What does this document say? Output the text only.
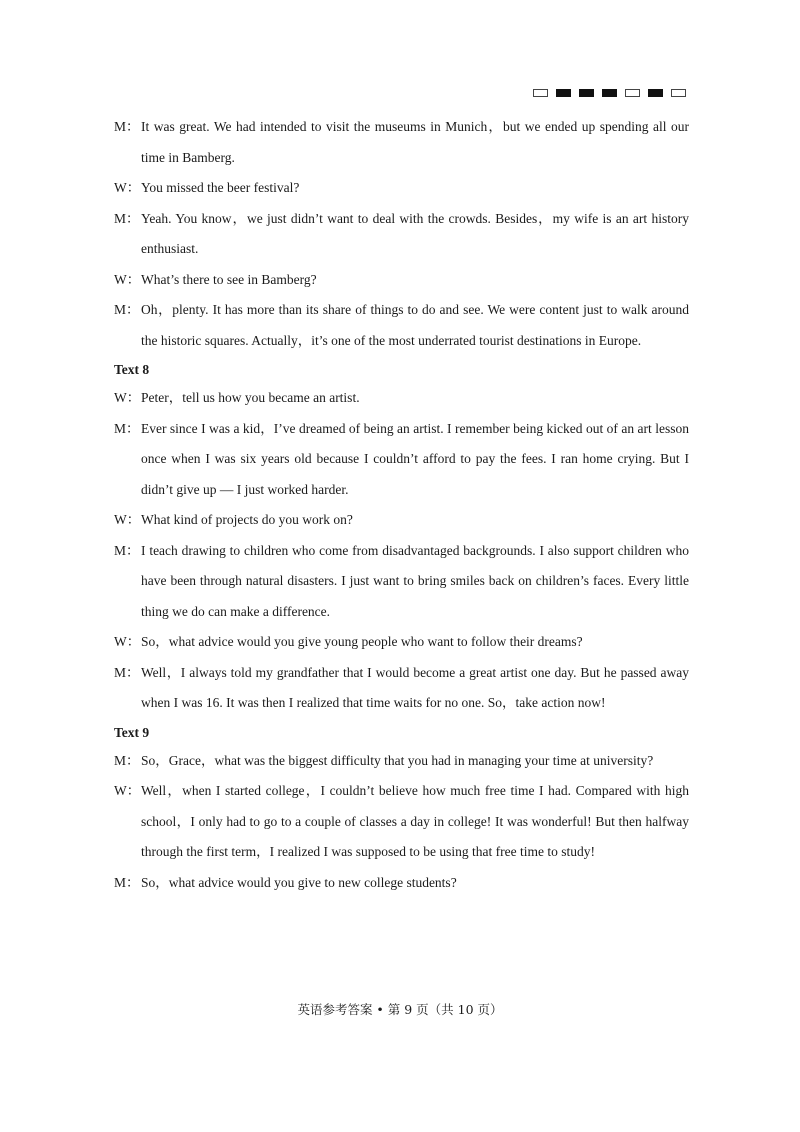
M：It was great. We had intended to visit the museums in Munich，but we ended up spending all our time in Bamberg.
W：You missed the beer festival?
M：Yeah. You know，we just didn’t want to deal with the crowds. Besides，my wife is an art history enthusiast.
W：What’s there to see in Bamberg?
M：Oh，plenty. It has more than its share of things to do and see. We were content just to walk around the historic squares. Actually，it’s one of the most underrated tourist destinations in Europe.
Text 8
W：Peter，tell us how you became an artist.
M：Ever since I was a kid，I’ve dreamed of being an artist. I remember being kicked out of an art lesson once when I was six years old because I couldn’t afford to pay the fees. I ran home crying. But I didn’t give up — I just worked harder.
W：What kind of projects do you work on?
M：I teach drawing to children who come from disadvantaged backgrounds. I also support children who have been through natural disasters. I just want to bring smiles back on children’s faces. Every little thing we do can make a difference.
W：So，what advice would you give young people who want to follow their dreams?
M：Well，I always told my grandfather that I would become a great artist one day. But he passed away when I was 16. It was then I realized that time waits for no one. So，take action now!
Text 9
M：So，Grace，what was the biggest difficulty that you had in managing your time at university?
W：Well，when I started college，I couldn’t believe how much free time I had. Compared with high school，I only had to go to a couple of classes a day in college! It was wonderful! But then halfway through the first term，I realized I was supposed to be using that free time to study!
M：So，what advice would you give to new college students?
英语参考答案 • 第 9 页（共 10 页）
